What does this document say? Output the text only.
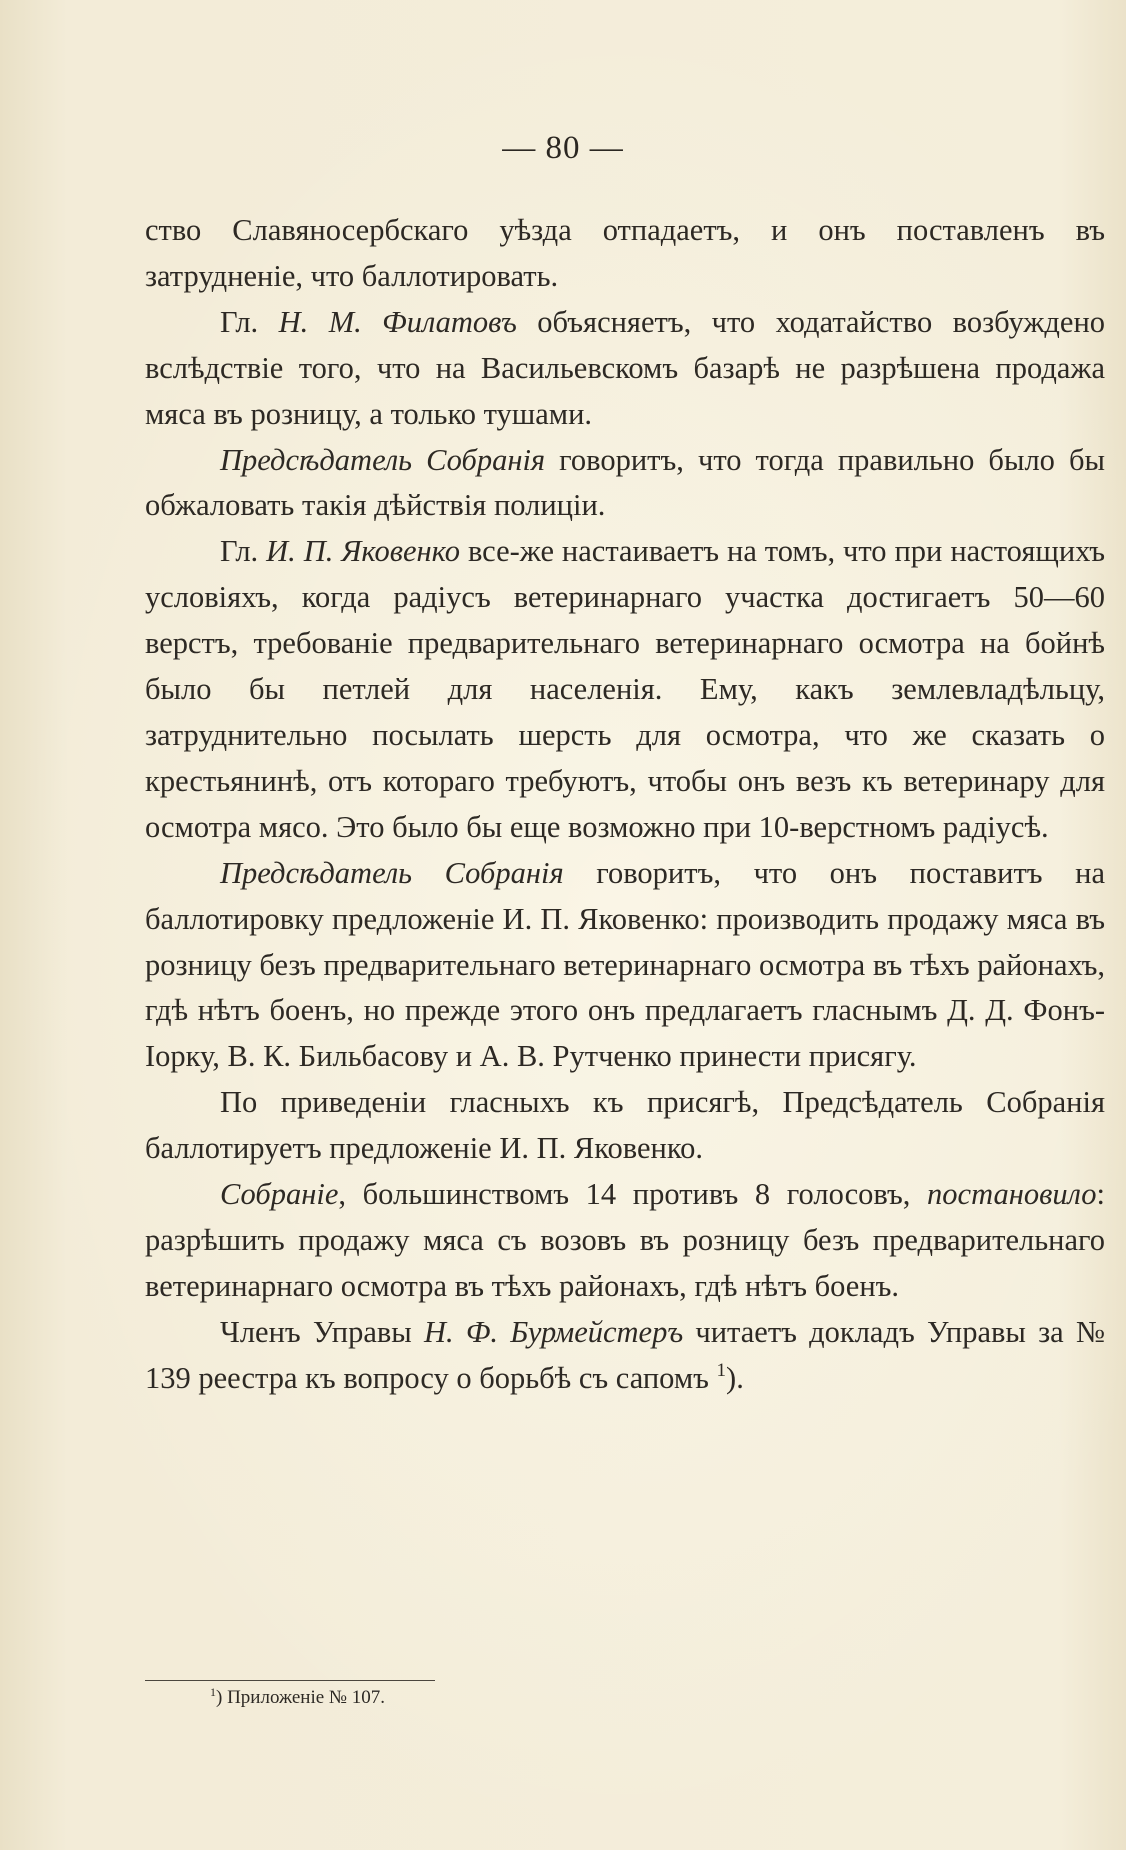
— 80 —

ство Славяносербскаго уѣзда отпадаетъ, и онъ поставленъ въ затрудненіе, что баллотировать.

Гл. Н. М. Филатовъ объясняетъ, что ходатайство возбуждено вслѣдствіе того, что на Васильевскомъ базарѣ не разрѣшена продажа мяса въ розницу, а только тушами.

Предсѣдатель Собранія говоритъ, что тогда правильно было бы обжаловать такія дѣйствія полиціи.

Гл. И. П. Яковенко все-же настаиваетъ на томъ, что при настоящихъ условіяхъ, когда радіусъ ветеринарнаго участка достигаетъ 50—60 верстъ, требованіе предварительнаго ветеринарнаго осмотра на бойнѣ было бы петлей для населенія. Ему, какъ землевладѣльцу, затруднительно посылать шерсть для осмотра, что же сказать о крестьянинѣ, отъ котораго требуютъ, чтобы онъ везъ къ ветеринару для осмотра мясо. Это было бы еще возможно при 10-верстномъ радіусѣ.

Предсѣдатель Собранія говоритъ, что онъ поставитъ на баллотировку предложеніе И. П. Яковенко: производить продажу мяса въ розницу безъ предварительнаго ветеринарнаго осмотра въ тѣхъ районахъ, гдѣ нѣтъ боенъ, но прежде этого онъ предлагаетъ гласнымъ Д. Д. Фонъ-Іорку, В. К. Бильбасову и А. В. Рутченко принести присягу.

По приведеніи гласныхъ къ присягѣ, Предсѣдатель Собранія баллотируетъ предложеніе И. П. Яковенко.

Собраніе, большинствомъ 14 противъ 8 голосовъ, постановило: разрѣшить продажу мяса съ возовъ въ розницу безъ предварительнаго ветеринарнаго осмотра въ тѣхъ районахъ, гдѣ нѣтъ боенъ.

Членъ Управы Н. Ф. Бурмейстеръ читаетъ докладъ Управы за № 139 реестра къ вопросу о борьбѣ съ сапомъ $^1$).

$^1$) Приложеніе № 107.
